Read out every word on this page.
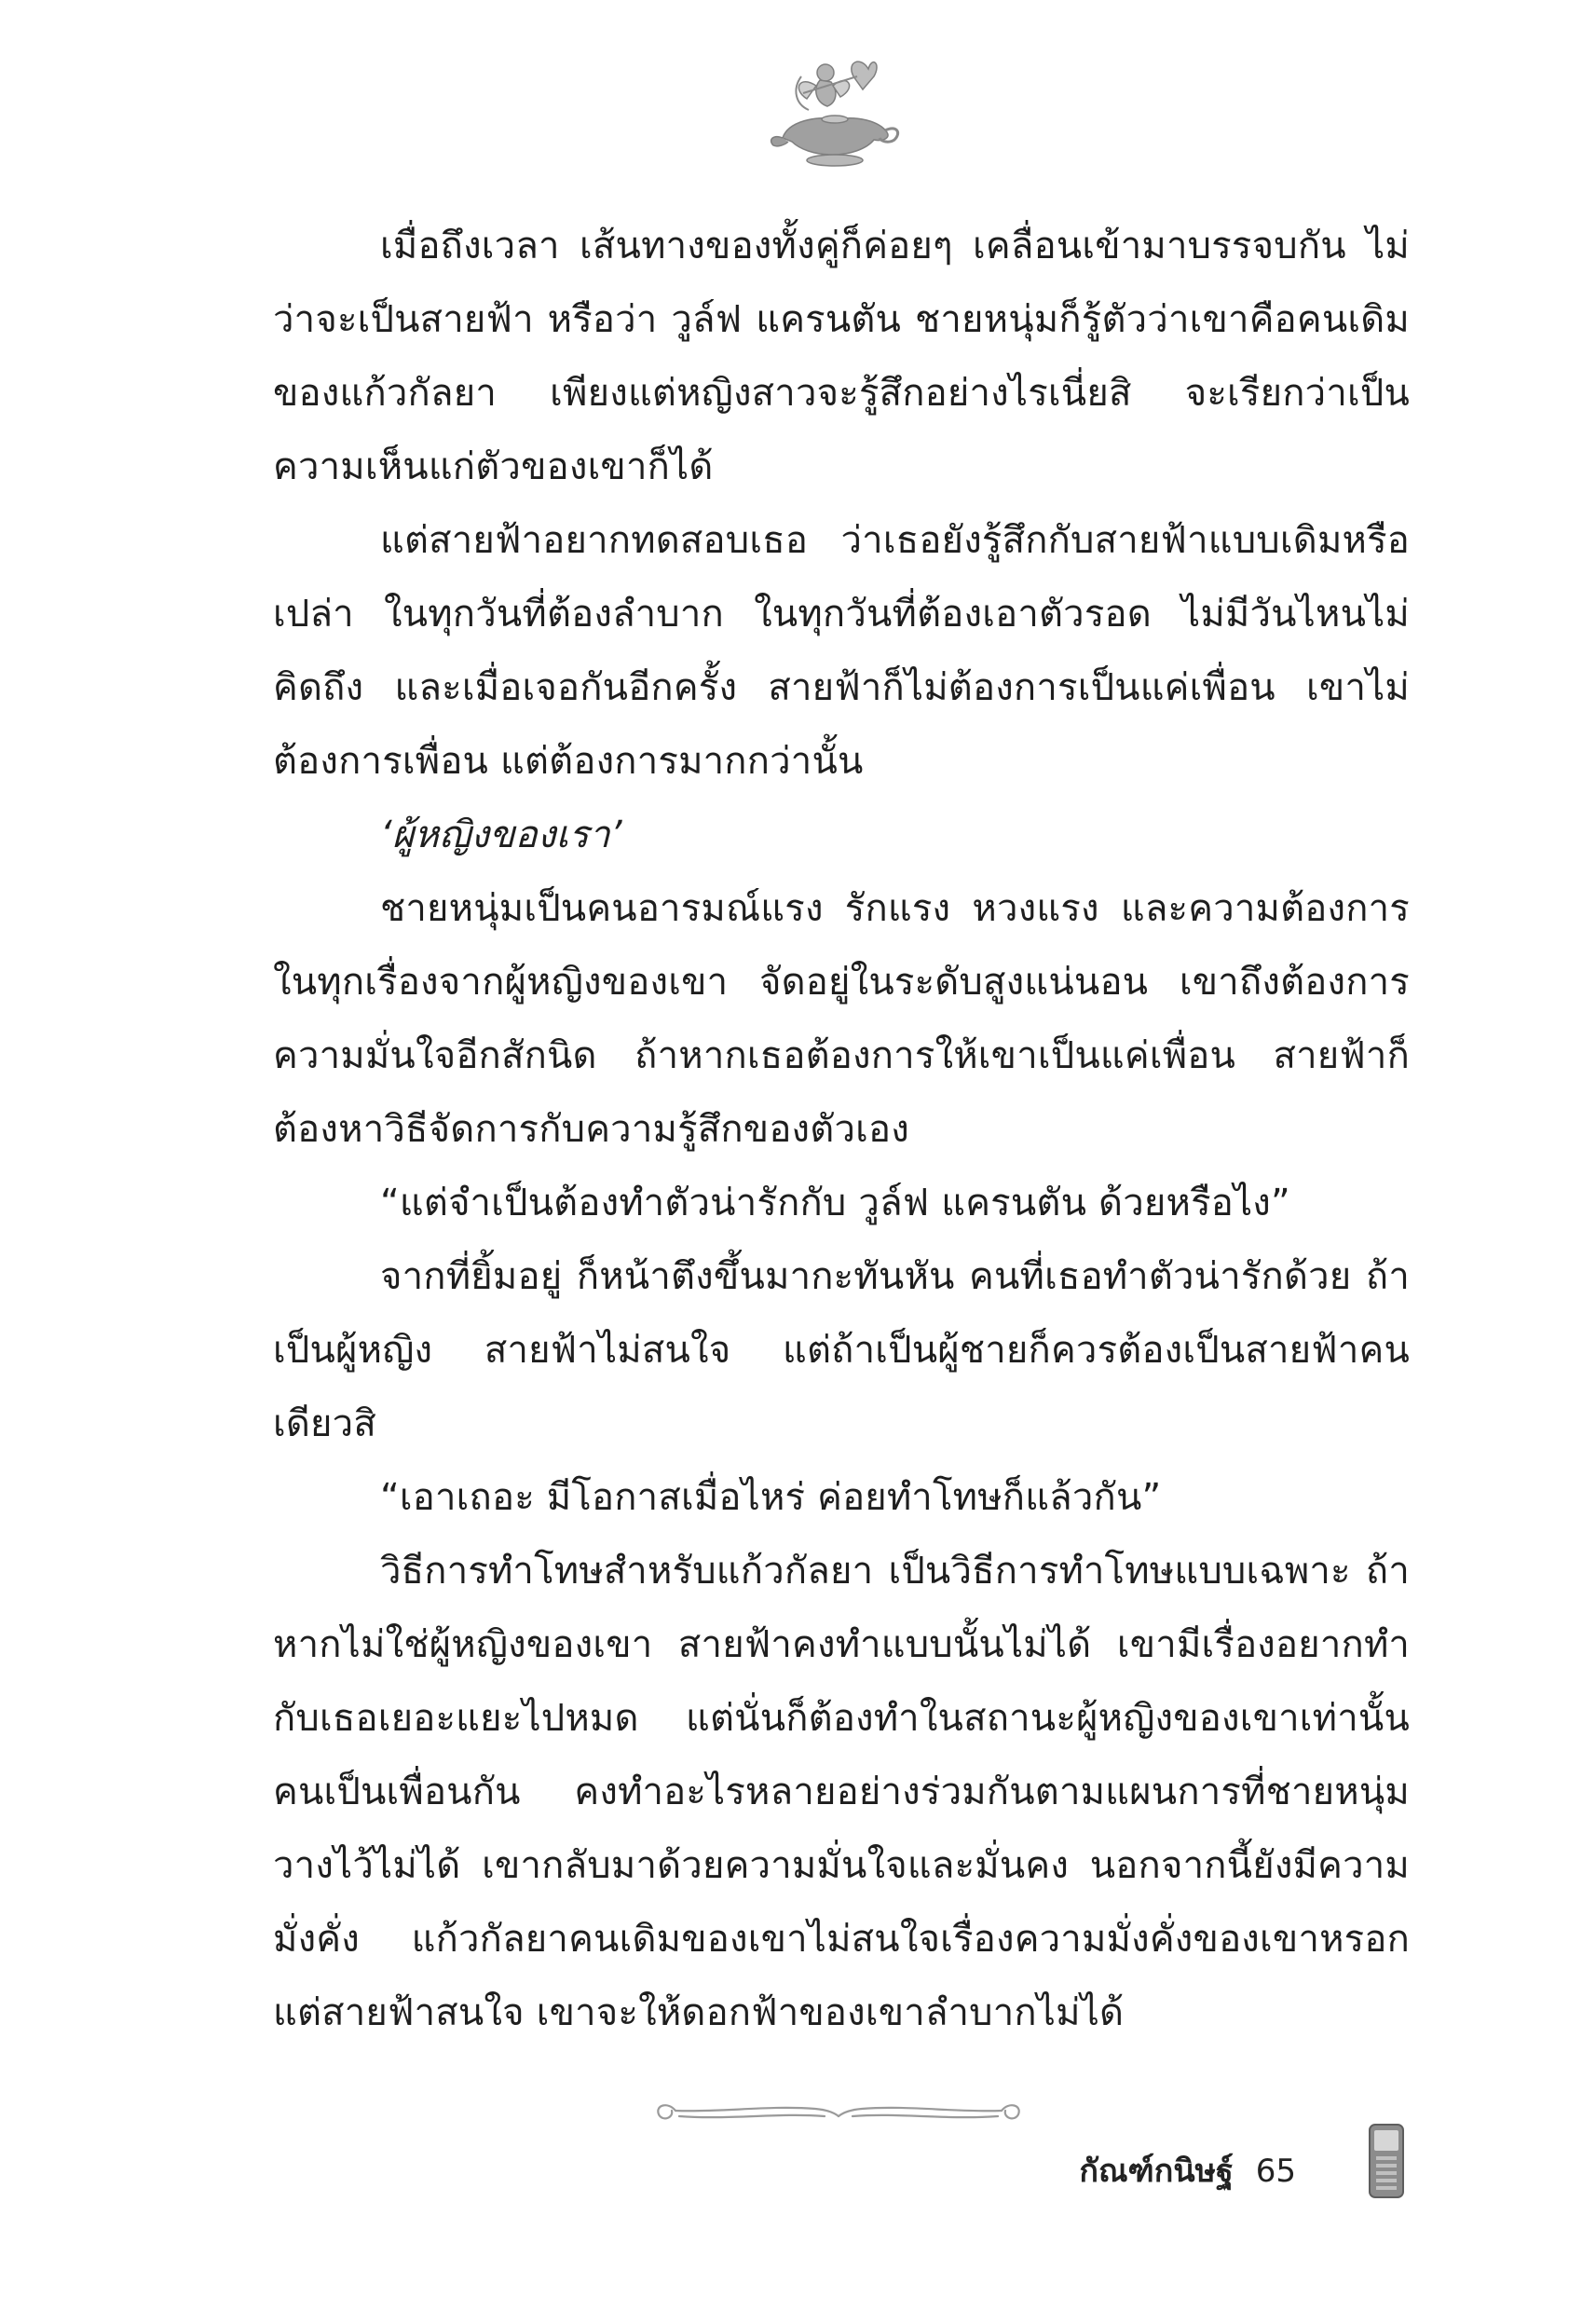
เมื่อถึงเวลา เส้นทางของทั้งคู่ก็ค่อยๆ เคลื่อนเข้ามาบรรจบกัน ไม่ว่าจะเป็นสายฟ้า หรือว่า วูล์ฟ แครนตัน ชายหนุ่มก็รู้ตัวว่าเขาคือคนเดิมของแก้วกัลยา เพียงแต่หญิงสาวจะรู้สึกอย่างไรเนี่ยสิ จะเรียกว่าเป็นความเห็นแก่ตัวของเขาก็ได้

แต่สายฟ้าอยากทดสอบเธอ ว่าเธอยังรู้สึกกับสายฟ้าแบบเดิมหรือเปล่า ในทุกวันที่ต้องลำบาก ในทุกวันที่ต้องเอาตัวรอด ไม่มีวันไหนไม่คิดถึง และเมื่อเจอกันอีกครั้ง สายฟ้าก็ไม่ต้องการเป็นแค่เพื่อน เขาไม่ต้องการเพื่อน แต่ต้องการมากกว่านั้น

‘ผู้หญิงของเรา’

ชายหนุ่มเป็นคนอารมณ์แรง รักแรง หวงแรง และความต้องการในทุกเรื่องจากผู้หญิงของเขา จัดอยู่ในระดับสูงแน่นอน เขาถึงต้องการความมั่นใจอีกสักนิด ถ้าหากเธอต้องการให้เขาเป็นแค่เพื่อน สายฟ้าก็ต้องหาวิธีจัดการกับความรู้สึกของตัวเอง

“แต่จำเป็นต้องทำตัวน่ารักกับ วูล์ฟ แครนตัน ด้วยหรือไง”

จากที่ยิ้มอยู่ ก็หน้าตึงขึ้นมากะทันหัน คนที่เธอทำตัวน่ารักด้วย ถ้าเป็นผู้หญิง สายฟ้าไม่สนใจ แต่ถ้าเป็นผู้ชายก็ควรต้องเป็นสายฟ้าคนเดียวสิ

“เอาเถอะ มีโอกาสเมื่อไหร่ ค่อยทำโทษก็แล้วกัน”

วิธีการทำโทษสำหรับแก้วกัลยา เป็นวิธีการทำโทษแบบเฉพาะ ถ้าหากไม่ใช่ผู้หญิงของเขา สายฟ้าคงทำแบบนั้นไม่ได้ เขามีเรื่องอยากทำกับเธอเยอะแยะไปหมด แต่นั่นก็ต้องทำในสถานะผู้หญิงของเขาเท่านั้น คนเป็นเพื่อนกัน คงทำอะไรหลายอย่างร่วมกันตามแผนการที่ชายหนุ่มวางไว้ไม่ได้ เขากลับมาด้วยความมั่นใจและมั่นคง นอกจากนี้ยังมีความมั่งคั่ง แก้วกัลยาคนเดิมของเขาไม่สนใจเรื่องความมั่งคั่งของเขาหรอก แต่สายฟ้าสนใจ เขาจะให้ดอกฟ้าของเขาลำบากไม่ได้

กัณฑ์กนิษฐ์ 65
